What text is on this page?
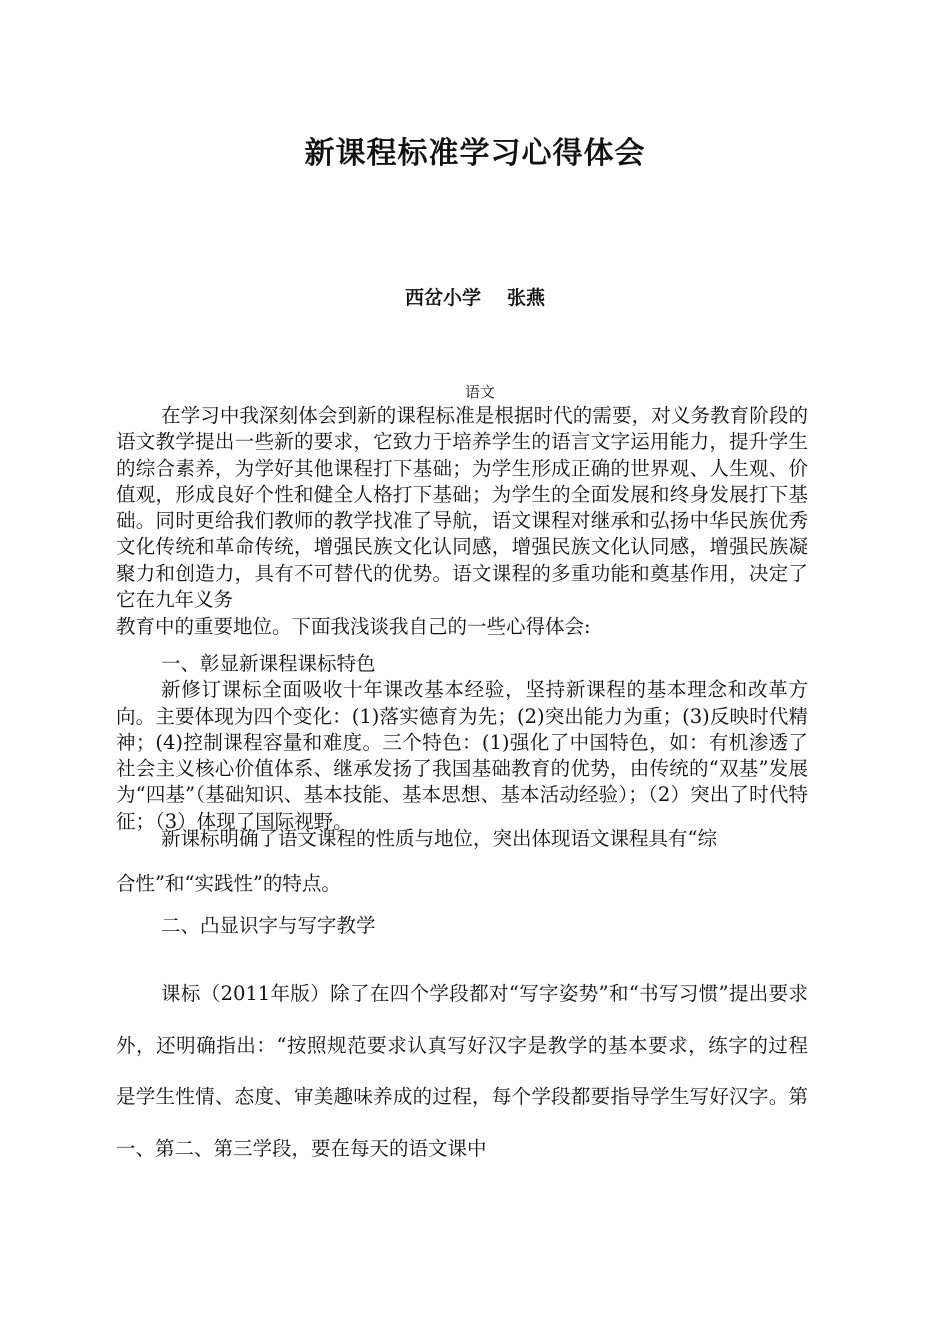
新课程标准学习心得体会
西岔小学 张燕
语文

在学习中我深刻体会到新的课程标准是根据时代的需要，对义务教育阶段的语文教学提出一些新的要求，它致力于培养学生的语言文字运用能力，提升学生的综合素养，为学好其他课程打下基础；为学生形成正确的世界观、人生观、价值观，形成良好个性和健全人格打下基础；为学生的全面发展和终身发展打下基础。同时更给我们教师的教学找准了导航，语文课程对继承和弘扬中华民族优秀文化传统和革命传统，增强民族文化认同感，增强民族文化认同感，增强民族凝聚力和创造力，具有不可替代的优势。语文课程的多重功能和奠基作用，决定了它在九年义务

教育中的重要地位。下面我浅谈我自己的一些心得体会:

一、彰显新课程课标特色

新修订课标全面吸收十年课改基本经验，坚持新课程的基本理念和改革方向。主要体现为四个变化：(1)落实德育为先；(2)突出能力为重；(3)反映时代精神；(4)控制课程容量和难度。三个特色：(1)强化了中国特色，如：有机渗透了社会主义核心价值体系、继承发扬了我国基础教育的优势，由传统的“双基”发展为“四基”（基础知识、基本技能、基本思想、基本活动经验）；（2）突出了时代特征；（3）体现了国际视野。

新课标明确了语文课程的性质与地位，突出体现语文课程具有“综

合性”和“实践性”的特点。

二、凸显识字与写字教学

课标（2011年版）除了在四个学段都对“写字姿势”和“书写习惯”提出要求外，还明确指出：“按照规范要求认真写好汉字是教学的基本要求，练字的过程是学生性情、态度、审美趣味养成的过程，每个学段都要指导学生写好汉字。第一、第二、第三学段，要在每天的语文课中
